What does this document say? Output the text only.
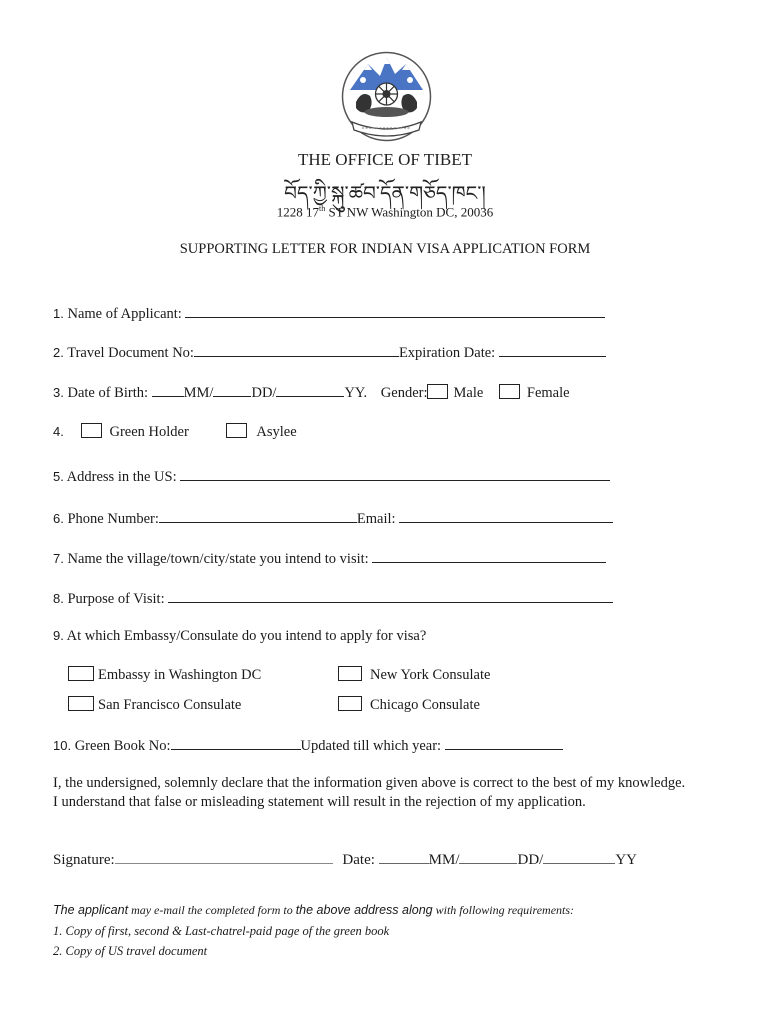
THE OFFICE OF TIBET
བོད་ཀྱི་སྐུ་ཚབ་དོན་གཅོད་ཁང་།
1228 17th ST NW Washington DC, 20036
SUPPORTING LETTER FOR INDIAN VISA APPLICATION FORM
1. Name of Applicant:
2. Travel Document No:	Expiration Date:
3. Date of Birth: MM/	DD/	YY. Gender: Male	Female
4.	Green Holder	Asylee
5. Address in the US:
6. Phone Number:	Email:
7. Name the village/town/city/state you intend to visit:
8. Purpose of Visit:
9. At which Embassy/Consulate do you intend to apply for visa?
Embassy in Washington DC	New York Consulate
San Francisco Consulate	Chicago Consulate
10. Green Book No:	Updated till which year:
I, the undersigned, solemnly declare that the information given above is correct to the best of my knowledge.
I understand that false or misleading statement will result in the rejection of my application.
Signature:	Date:	MM/	DD/	YY
The applicant may e-mail the completed form to the above address along with following requirements:
1. Copy of first, second & Last-chatrel-paid page of the green book
2. Copy of US travel document
